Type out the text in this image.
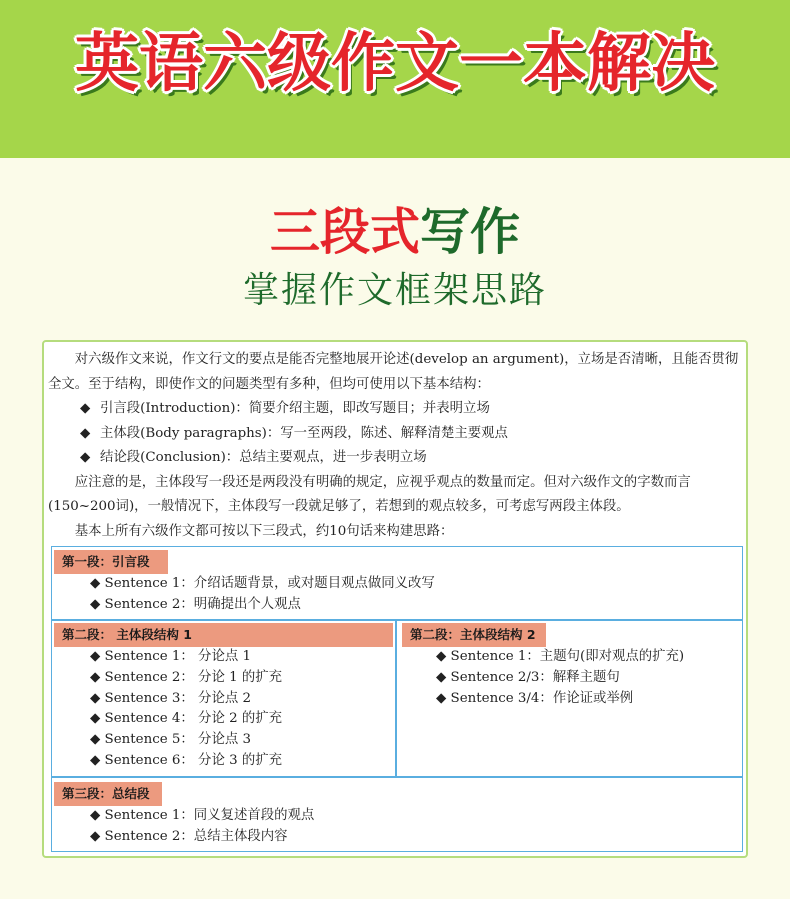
英语六级作文一本解决
三段式写作
掌握作文框架思路

对六级作文来说，作文行文的要点是能否完整地展开论述(develop an argument)，立场是否清晰，且能否贯彻全文。至于结构，即使作文的问题类型有多种，但均可使用以下基本结构：

◆ 引言段(Introduction)：简要介绍主题，即改写题目；并表明立场

◆ 主体段(Body paragraphs)：写一至两段，陈述、解释清楚主要观点

◆ 结论段(Conclusion)：总结主要观点，进一步表明立场

应注意的是，主体段写一段还是两段没有明确的规定，应视乎观点的数量而定。但对六级作文的字数而言(150~200词)，一般情况下，主体段写一段就足够了，若想到的观点较多，可考虑写两段主体段。

基本上所有六级作文都可按以下三段式，约10句话来构建思路：

第一段：引言段
◆ Sentence 1：介绍话题背景，或对题目观点做同义改写
◆ Sentence 2：明确提出个人观点
第二段： 主体段结构 1
◆ Sentence 1： 分论点 1
◆ Sentence 2： 分论 1 的扩充
◆ Sentence 3： 分论点 2
◆ Sentence 4： 分论 2 的扩充
◆ Sentence 5： 分论点 3
◆ Sentence 6： 分论 3 的扩充
第二段：主体段结构 2
◆ Sentence 1：主题句(即对观点的扩充)
◆ Sentence 2/3：解释主题句
◆ Sentence 3/4：作论证或举例
第三段：总结段
◆ Sentence 1：同义复述首段的观点
◆ Sentence 2：总结主体段内容
